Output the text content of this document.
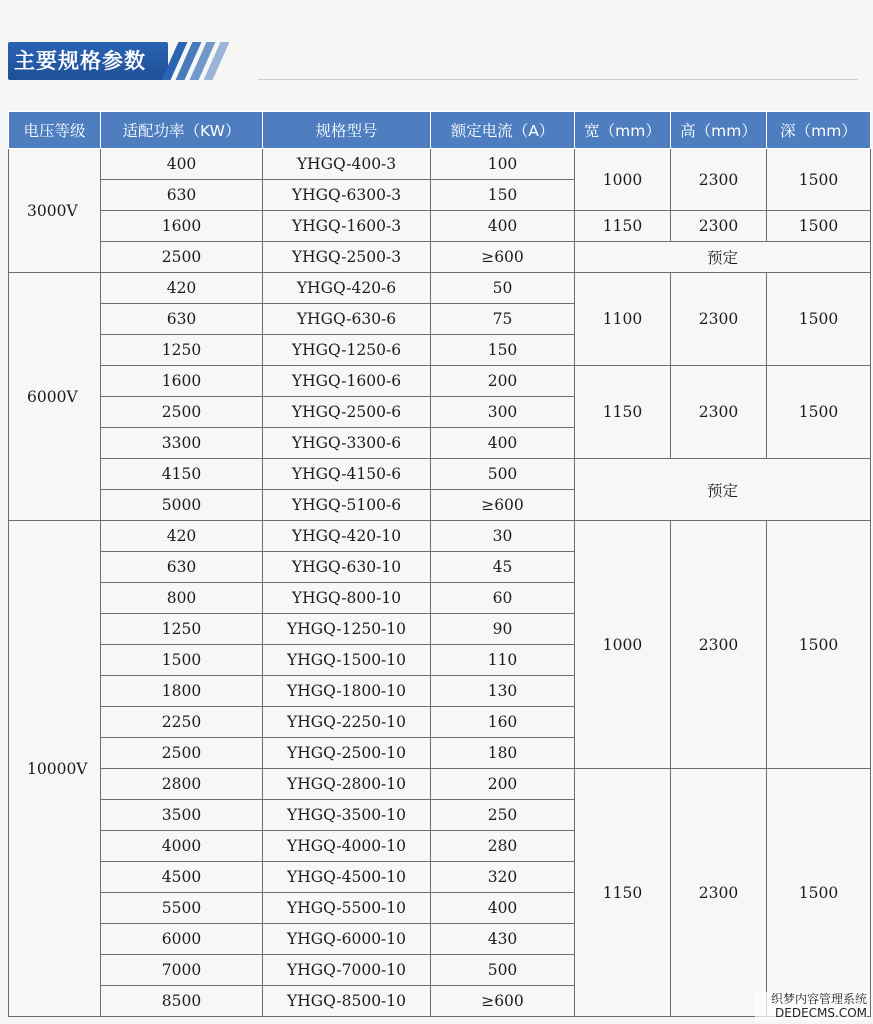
主要规格参数
电压等级	适配功率（KW）	规格型号	额定电流（A）	宽（mm）	高（mm）	深（mm）
3000V	400	YHGQ-400-3	100	1000	2300	1500
	630	YHGQ-6300-3	150			
	1600	YHGQ-1600-3	400	1150	2300	1500
	2500	YHGQ-2500-3	≥600	预定		
6000V	420	YHGQ-420-6	50	1100	2300	1500
	630	YHGQ-630-6	75			
	1250	YHGQ-1250-6	150			
	1600	YHGQ-1600-6	200	1150	2300	1500
	2500	YHGQ-2500-6	300			
	3300	YHGQ-3300-6	400			
	4150	YHGQ-4150-6	500	预定		
	5000	YHGQ-5100-6	≥600			
10000V	420	YHGQ-420-10	30	1000	2300	1500
	630	YHGQ-630-10	45			
	800	YHGQ-800-10	60			
	1250	YHGQ-1250-10	90			
	1500	YHGQ-1500-10	110			
	1800	YHGQ-1800-10	130			
	2250	YHGQ-2250-10	160			
	2500	YHGQ-2500-10	180			
	2800	YHGQ-2800-10	200	1150	2300	1500
	3500	YHGQ-3500-10	250			
	4000	YHGQ-4000-10	280			
	4500	YHGQ-4500-10	320			
	5500	YHGQ-5500-10	400			
	6000	YHGQ-6000-10	430			
	7000	YHGQ-7000-10	500			
	8500	YHGQ-8500-10	≥600				织梦内容管理系统
DEDECMS.COM
